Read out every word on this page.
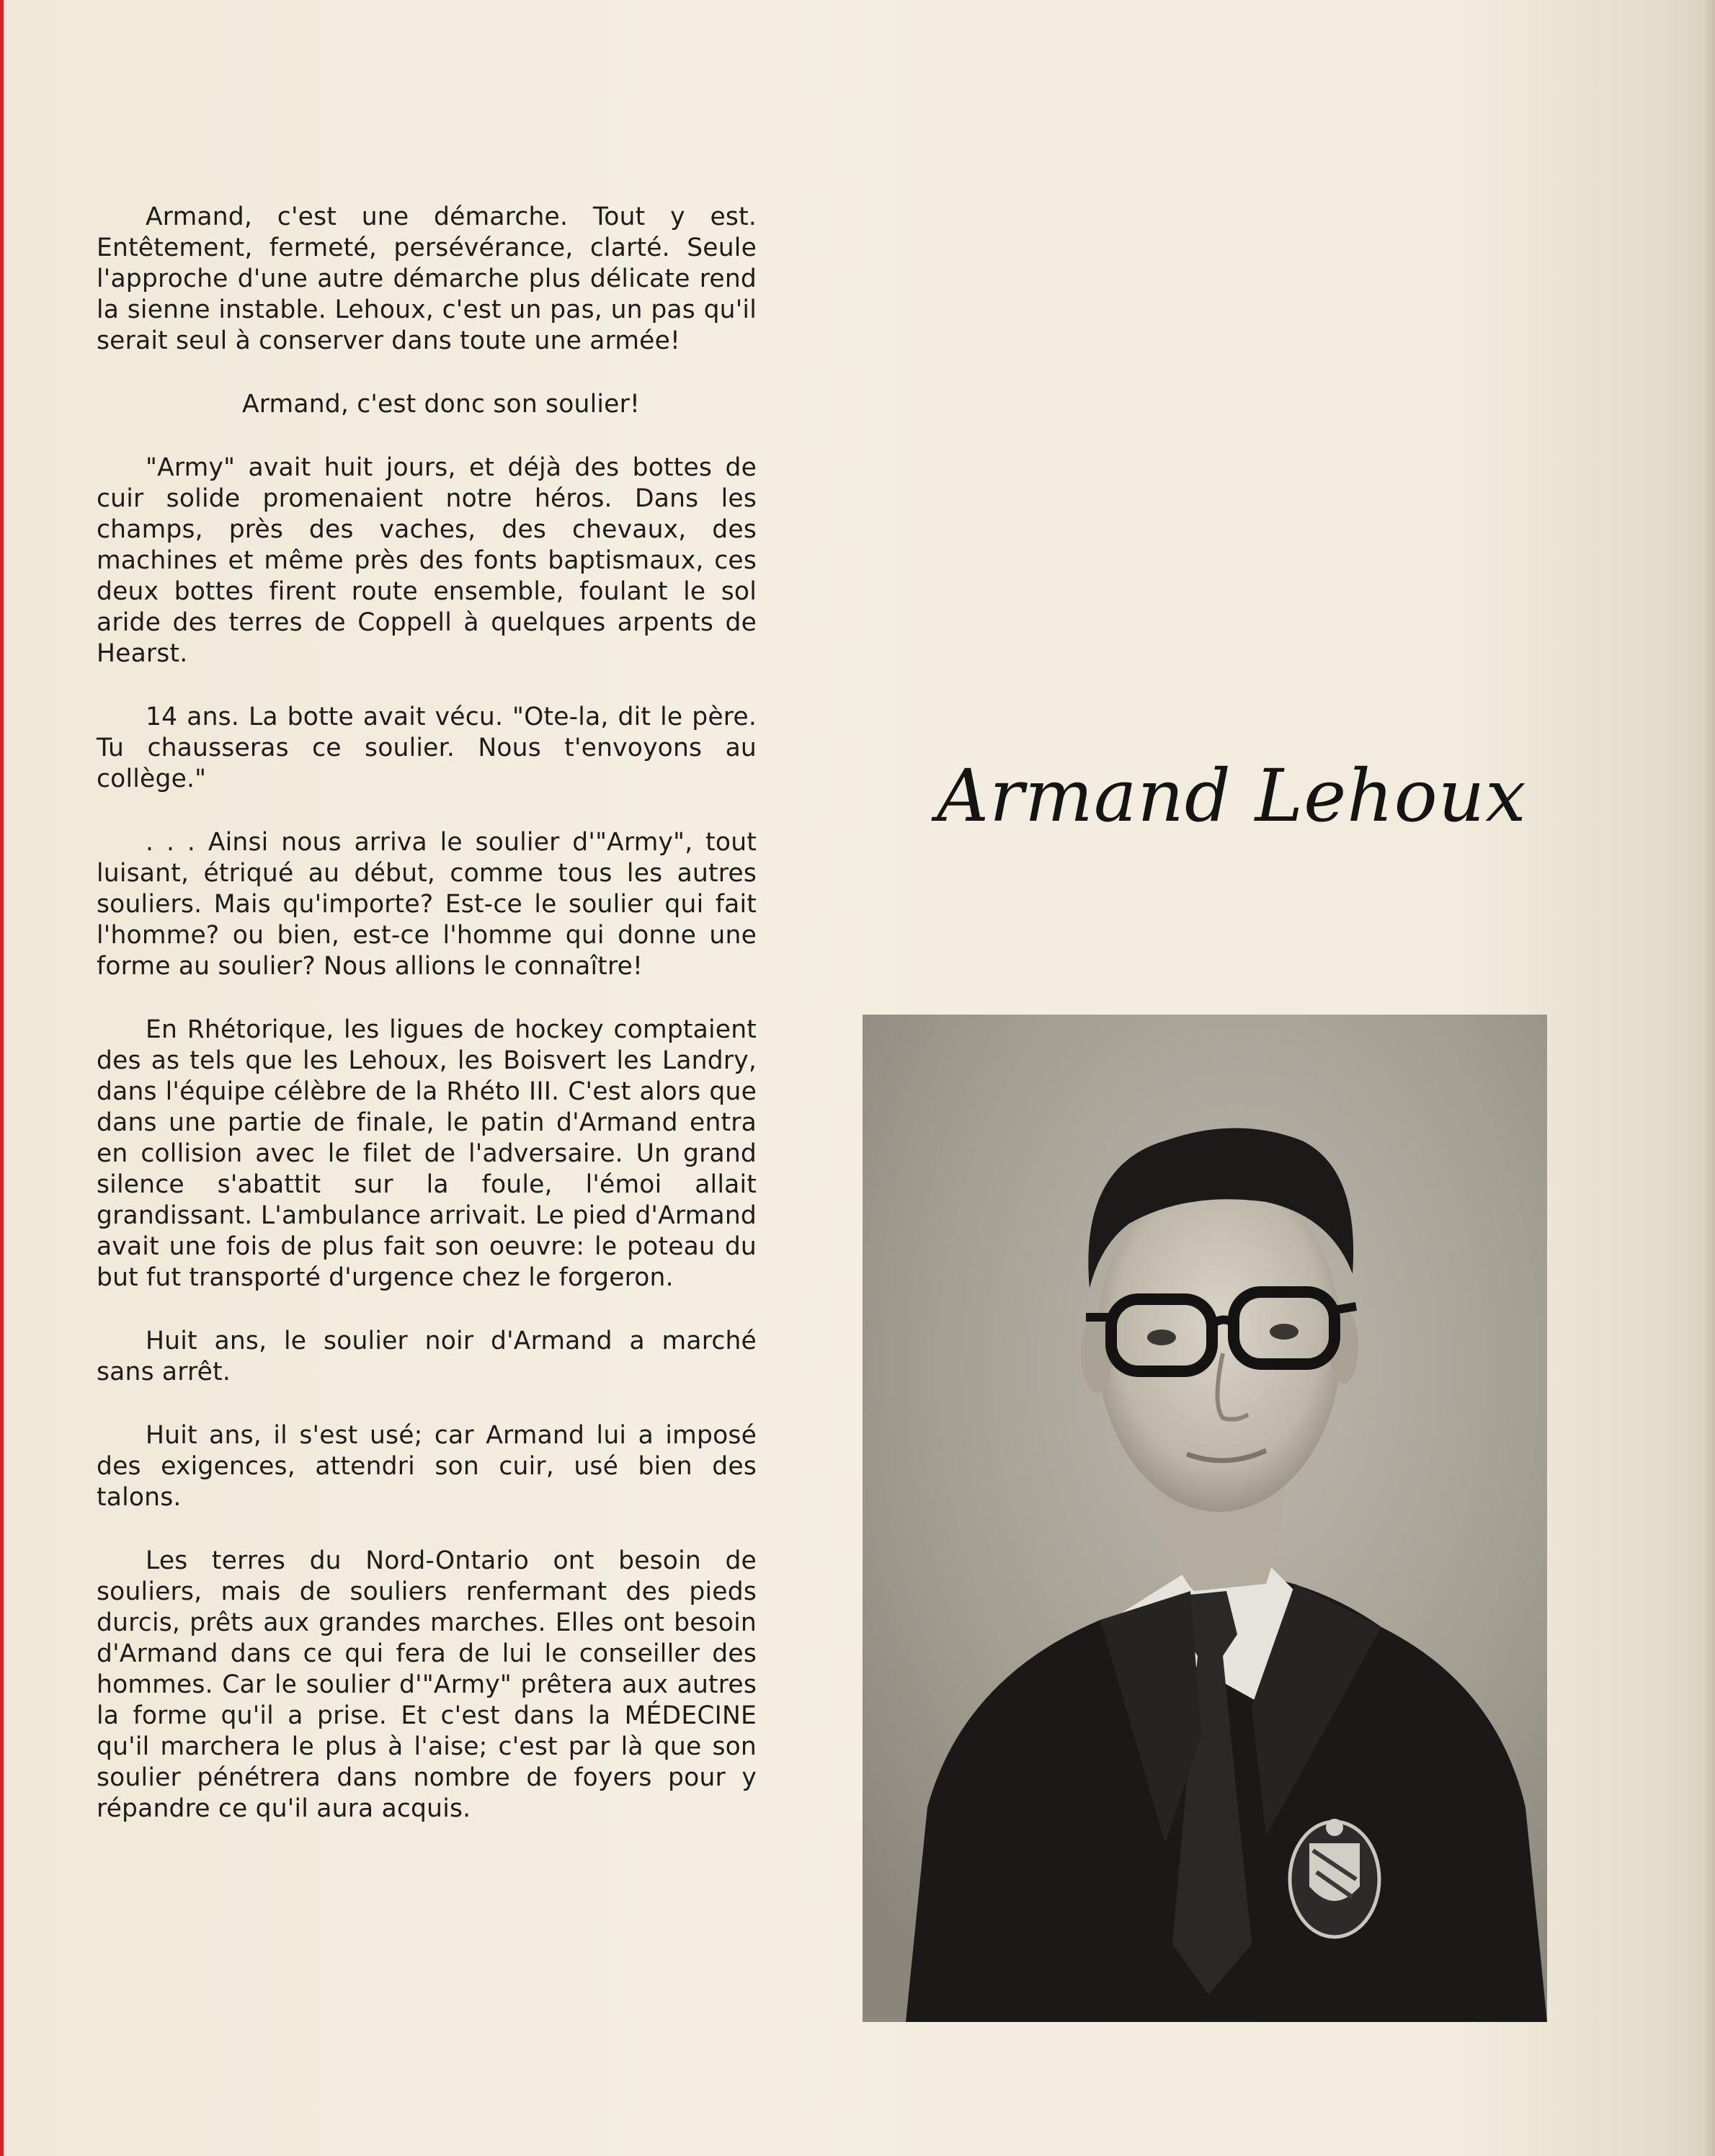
Armand, c'est une démarche. Tout y est. Entêtement, fermeté, persévérance, clarté. Seule l'approche d'une autre démarche plus délicate rend la sienne instable. Lehoux, c'est un pas, un pas qu'il serait seul à conserver dans toute une armée!

Armand, c'est donc son soulier!

"Army" avait huit jours, et déjà des bottes de cuir solide promenaient notre héros. Dans les champs, près des vaches, des chevaux, des machines et même près des fonts baptismaux, ces deux bottes firent route ensemble, foulant le sol aride des terres de Coppell à quelques arpents de Hearst.

14 ans. La botte avait vécu. "Ote-la, dit le père. Tu chausseras ce soulier. Nous t'envoyons au collège."

. . . Ainsi nous arriva le soulier d'"Army", tout luisant, étriqué au début, comme tous les autres souliers. Mais qu'importe? Est-ce le soulier qui fait l'homme? ou bien, est-ce l'homme qui donne une forme au soulier? Nous allions le connaître!

En Rhétorique, les ligues de hockey comptaient des as tels que les Lehoux, les Boisvert les Landry, dans l'équipe célèbre de la Rhéto III. C'est alors que dans une partie de finale, le patin d'Armand entra en collision avec le filet de l'adversaire. Un grand silence s'abattit sur la foule, l'émoi allait grandissant. L'ambulance arrivait. Le pied d'Armand avait une fois de plus fait son oeuvre: le poteau du but fut transporté d'urgence chez le forgeron.

Huit ans, le soulier noir d'Armand a marché sans arrêt.

Huit ans, il s'est usé; car Armand lui a imposé des exigences, attendri son cuir, usé bien des talons.

Les terres du Nord-Ontario ont besoin de souliers, mais de souliers renfermant des pieds durcis, prêts aux grandes marches. Elles ont besoin d'Armand dans ce qui fera de lui le conseiller des hommes. Car le soulier d'"Army" prêtera aux autres la forme qu'il a prise. Et c'est dans la MÉDECINE qu'il marchera le plus à l'aise; c'est par là que son soulier pénétrera dans nombre de foyers pour y répandre ce qu'il aura acquis.

Armand Lehoux
